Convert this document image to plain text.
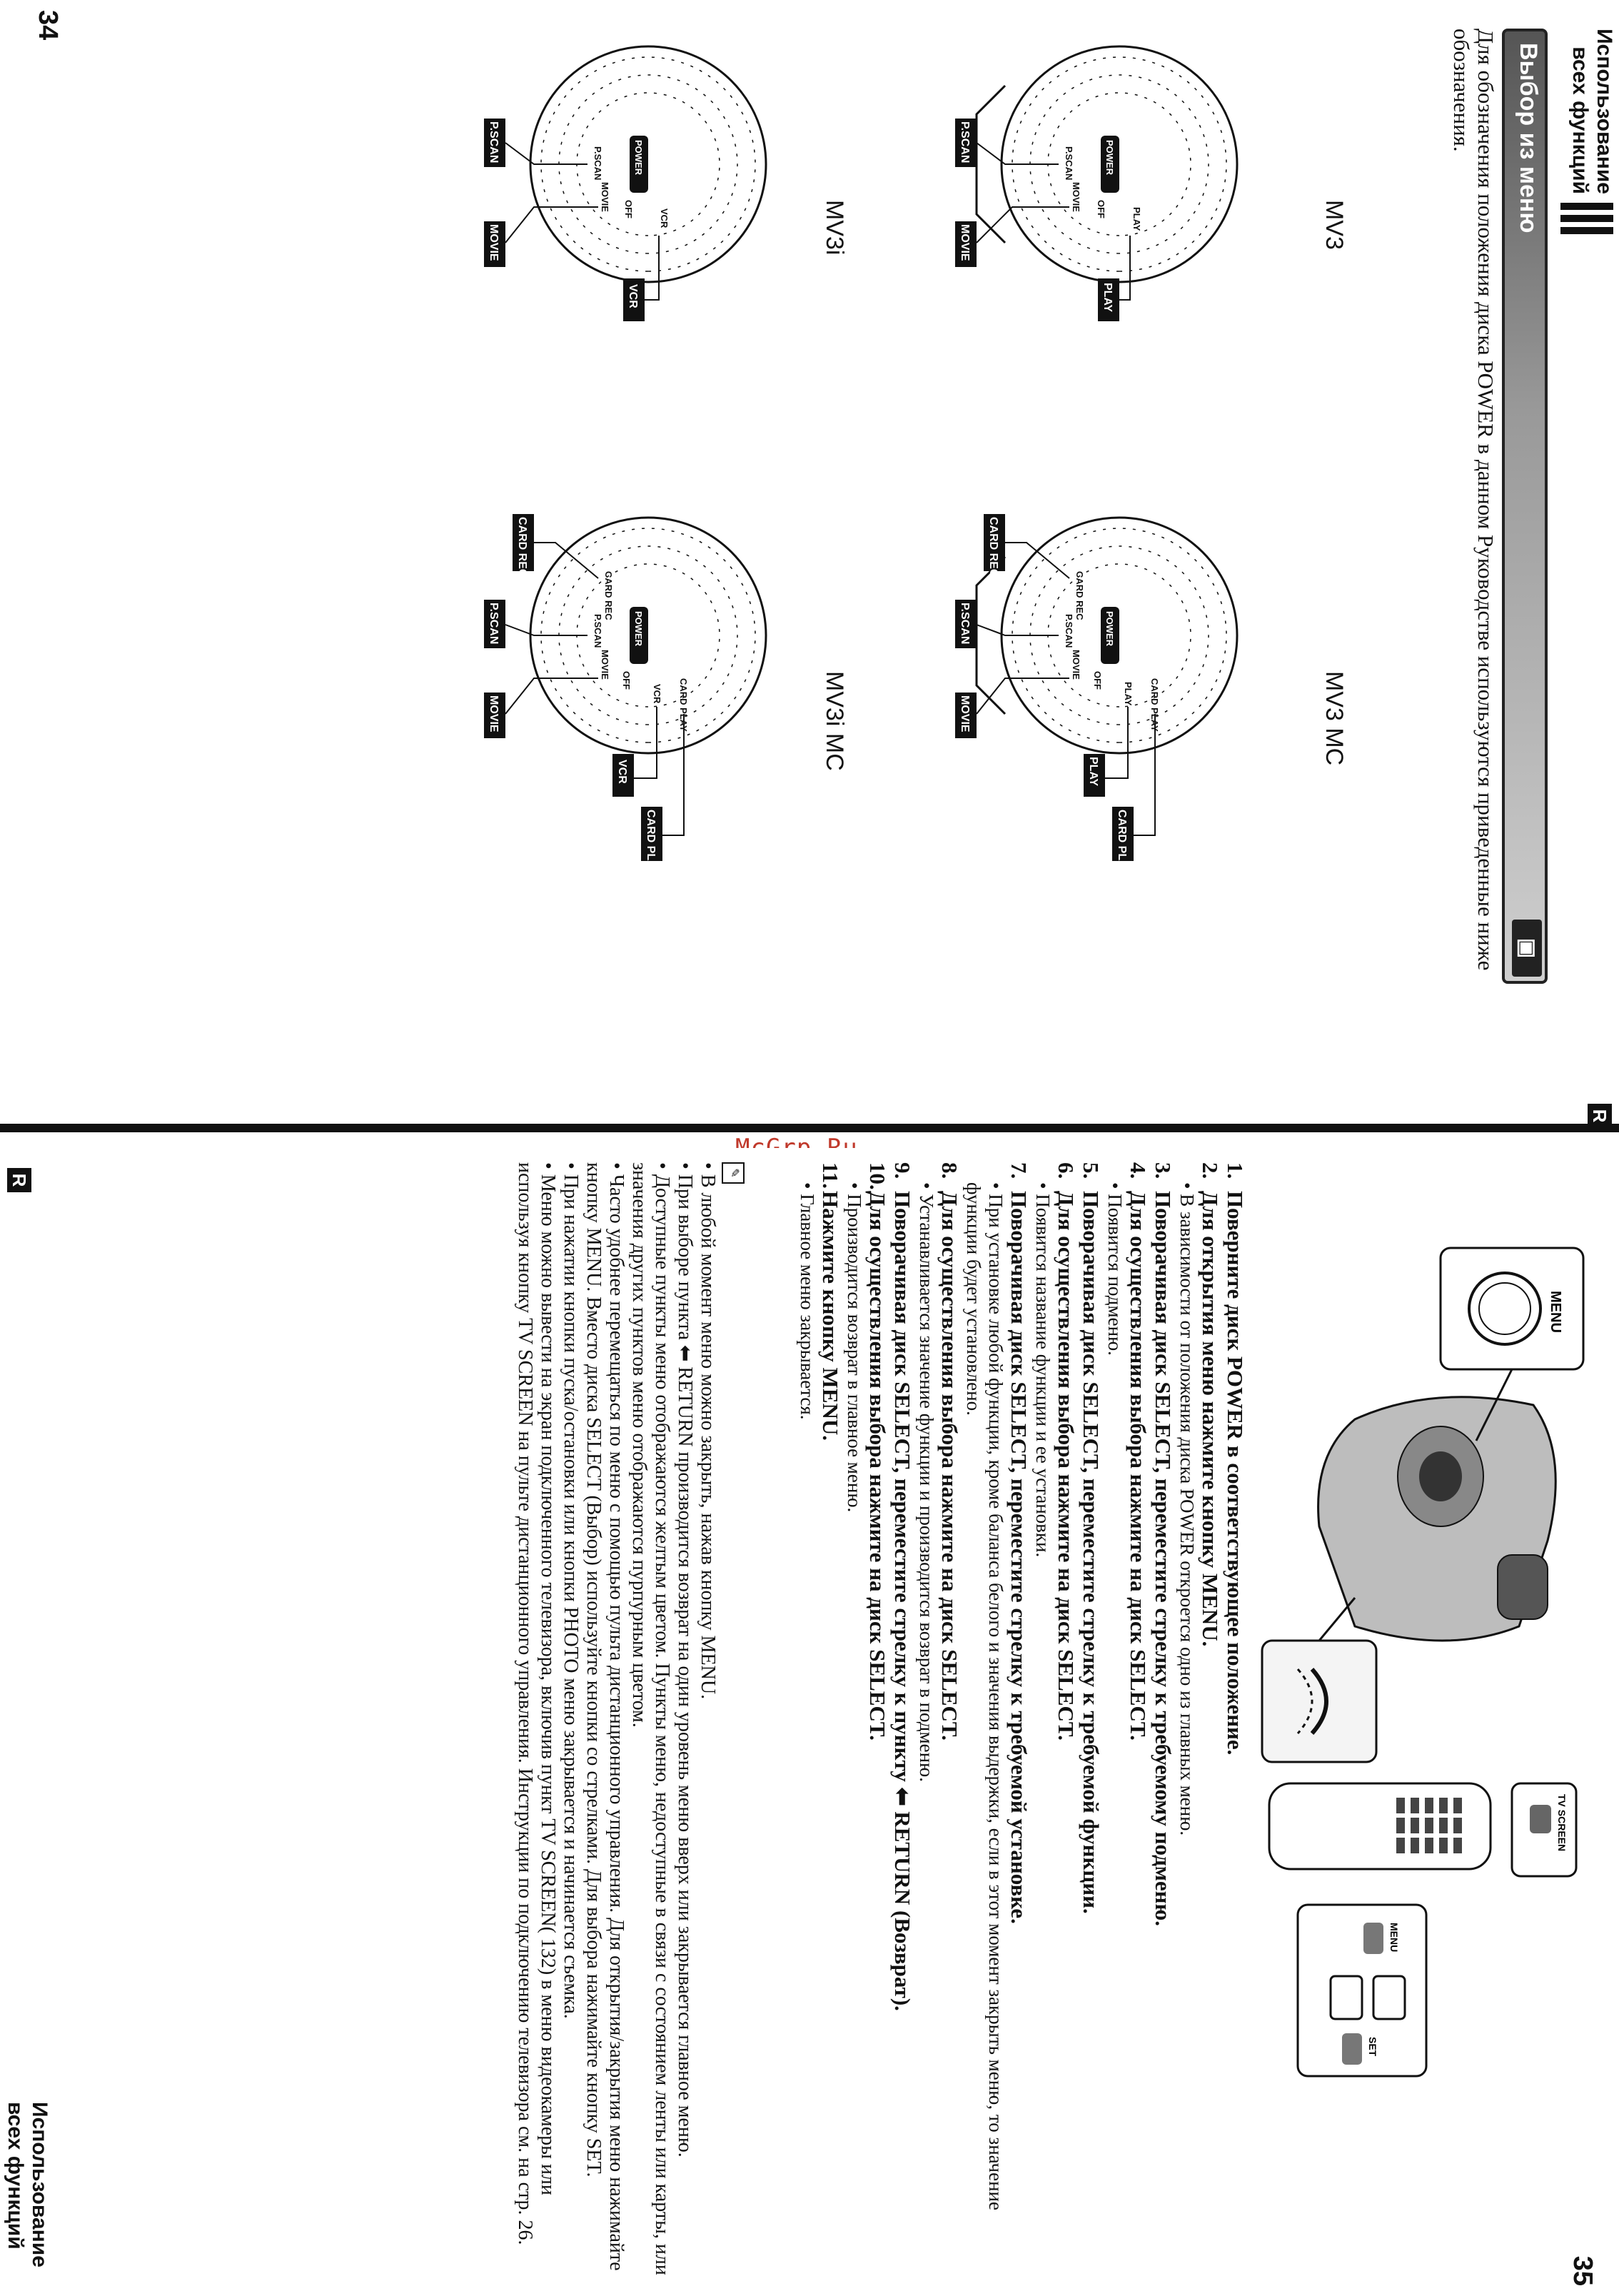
Использование
всех функций
R
Выбор из меню
▣
Для обозначения положения диска POWER в данном Руководстве используются приведенные ниже обозначения.
MV3
POWER
PLAY
OFF
MOVIE
P.SCAN
PLAY
MOVIE
P.SCAN
MV3 MC
POWER
CARD PLAY
PLAY
OFF
MOVIE
P.SCAN
CARD REC
CARD PLAY
PLAY
MOVIE
P.SCAN
CARD REC
MV3i
POWER
VCR
OFF
MOVIE
P.SCAN
VCR
MOVIE
P.SCAN
MV3i MC
POWER
CARD PLAY
VCR
OFF
MOVIE
P.SCAN
CARD REC
CARD PLAY
VCR
MOVIE
P.SCAN
CARD REC
34
35
MENU
TV SCREEN
MENU
SET
1.Поверните диск POWER в соответствующее положение.
2.Для открытия меню нажмите кнопку MENU.

• В зависимости от положения диска POWER откроется одно из главных меню.

3.Поворачивая диск SELECT, переместите стрелку к требуемому подменю.
4.Для осуществления выбора нажмите на диск SELECT.

• Появится подменю.

5.Поворачивая диск SELECT, переместите стрелку к требуемой функции.
6.Для осуществления выбора нажмите на диск SELECT.

• Появится название функции и ее установки.

7.Поворачивая диск SELECT, переместите стрелку к требуемой установке.

• При установке любой функции, кроме баланса белого и значения выдержки, если в этот момент закрыть меню, то значение функции будет установлено.

8.Для осуществления выбора нажмите на диск SELECT.

• Устанавливается значение функции и производится возврат в подменю.

9.Поворачивая диск SELECT, переместите стрелку к пункту ⬅ RETURN (Возврат).
10.Для осуществления выбора нажмите на диск SELECT.

• Производится возврат в главное меню.

11.Нажмите кнопку MENU.

• Главное меню закрывается.

✎

• В любой момент меню можно закрыть, нажав кнопку MENU.

• При выборе пункта ⬅ RETURN производится возврат на один уровень меню вверх или закрывается главное меню.

• Доступные пункты меню отображаются желтым цветом. Пункты меню, недоступные в связи с состоянием ленты или карты, или значения других пунктов меню отображаются пурпурным цветом.

• Часто удобнее перемещаться по меню с помощью пульта дистанционного управления. Для открытия/закрытия меню нажимайте кнопку MENU. Вместо диска SELECT (Выбор) используйте кнопки со стрелками. Для выбора нажимайте кнопку SET.

• При нажатии кнопки пуска/остановки или кнопки PHOTO меню закрывается и начинается съемка.

• Меню можно вывести на экран подключенного телевизора, включив пункт TV SCREEN( 132) в меню видеокамеры или используя кнопку TV SCREEN на пульте дистанционного управления. Инструкции по подключению телевизора см. на стр. 26.

Использование
всех функций
R
